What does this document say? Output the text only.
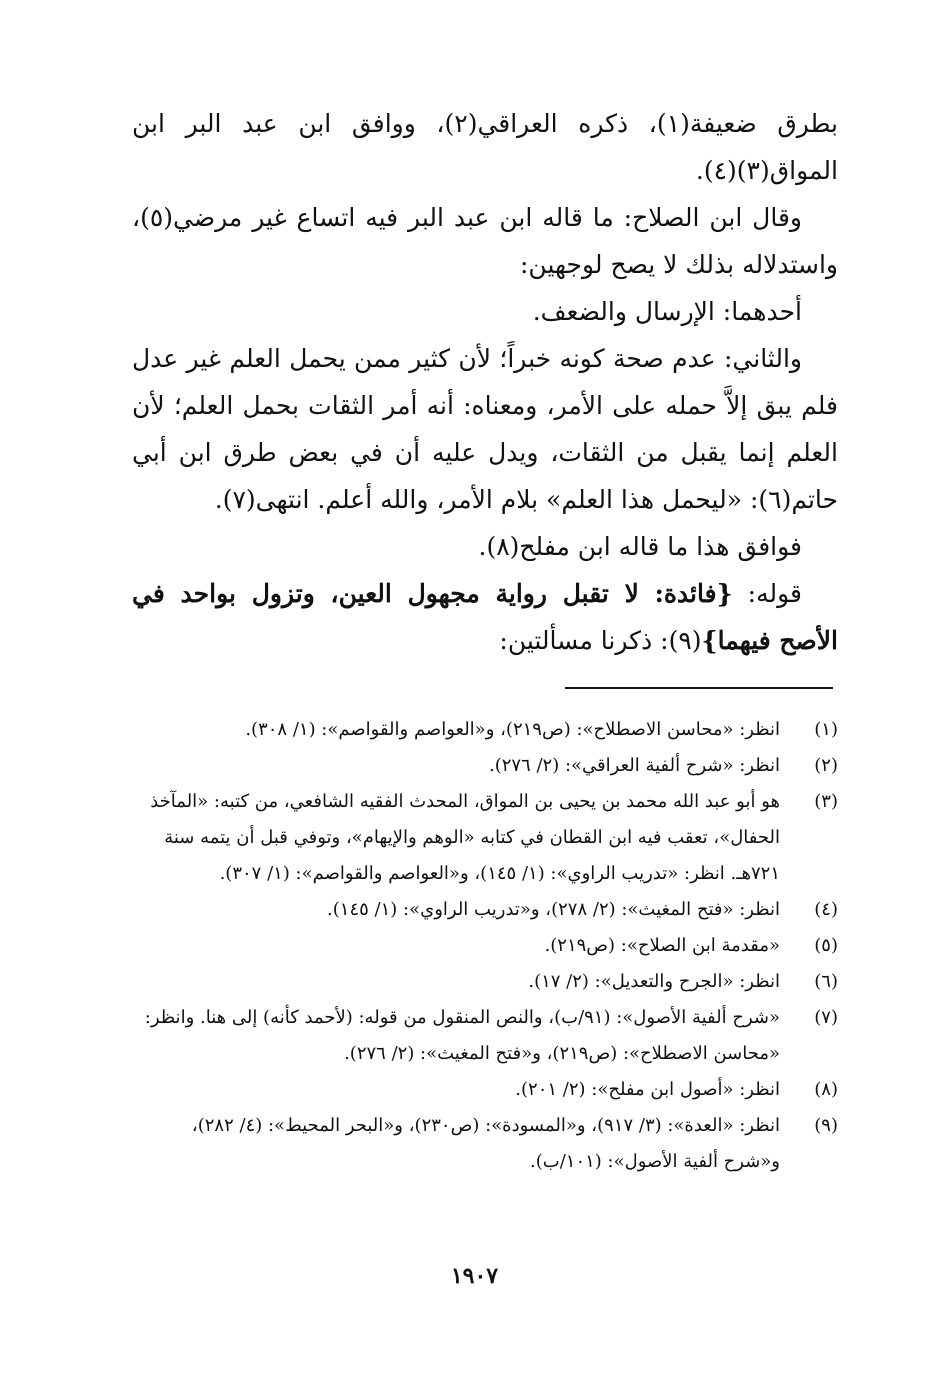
بطرق ضعيفة(١)، ذكره العراقي(٢)، ووافق ابن عبد البر ابن المواق(٣)(٤).

وقال ابن الصلاح: ما قاله ابن عبد البر فيه اتساع غير مرضي(٥)، واستدلاله بذلك لا يصح لوجهين:

أحدهما: الإرسال والضعف.

والثاني: عدم صحة كونه خبراً؛ لأن كثير ممن يحمل العلم غير عدل فلم يبق إلاَّ حمله على الأمر، ومعناه: أنه أمر الثقات بحمل العلم؛ لأن العلم إنما يقبل من الثقات، ويدل عليه أن في بعض طرق ابن أبي حاتم(٦): «ليحمل هذا العلم» بلام الأمر، والله أعلم. انتهى(٧).

فوافق هذا ما قاله ابن مفلح(٨).

قوله: {فائدة: لا تقبل رواية مجهول العين، وتزول بواحد في الأصح فيهما}(٩): ذكرنا مسألتين:

(١)
انظر: «محاسن الاصطلاح»: (ص٢١٩)، و«العواصم والقواصم»: (١/ ٣٠٨).
(٢)
انظر: «شرح ألفية العراقي»: (٢/ ٢٧٦).
(٣)
هو أبو عبد الله محمد بن يحيى بن المواق، المحدث الفقيه الشافعي، من كتبه: «المآخذ الحفال»، تعقب فيه ابن القطان في كتابه «الوهم والإيهام»، وتوفي قبل أن يتمه سنة ٧٢١هـ. انظر: «تدريب الراوي»: (١/ ١٤٥)، و«العواصم والقواصم»: (١/ ٣٠٧).
(٤)
انظر: «فتح المغيث»: (٢/ ٢٧٨)، و«تدريب الراوي»: (١/ ١٤٥).
(٥)
«مقدمة ابن الصلاح»: (ص٢١٩).
(٦)
انظر: «الجرح والتعديل»: (٢/ ١٧).
(٧)
«شرح ألفية الأصول»: (٩١/ب)، والنص المنقول من قوله: (لأحمد كأنه) إلى هنا. وانظر: «محاسن الاصطلاح»: (ص٢١٩)، و«فتح المغيث»: (٢/ ٢٧٦).
(٨)
انظر: «أصول ابن مفلح»: (٢/ ٢٠١).
(٩)
انظر: «العدة»: (٣/ ٩١٧)، و«المسودة»: (ص٢٣٠)، و«البحر المحيط»: (٤/ ٢٨٢)، و«شرح ألفية الأصول»: (١٠١/ب).
١٩٠٧
